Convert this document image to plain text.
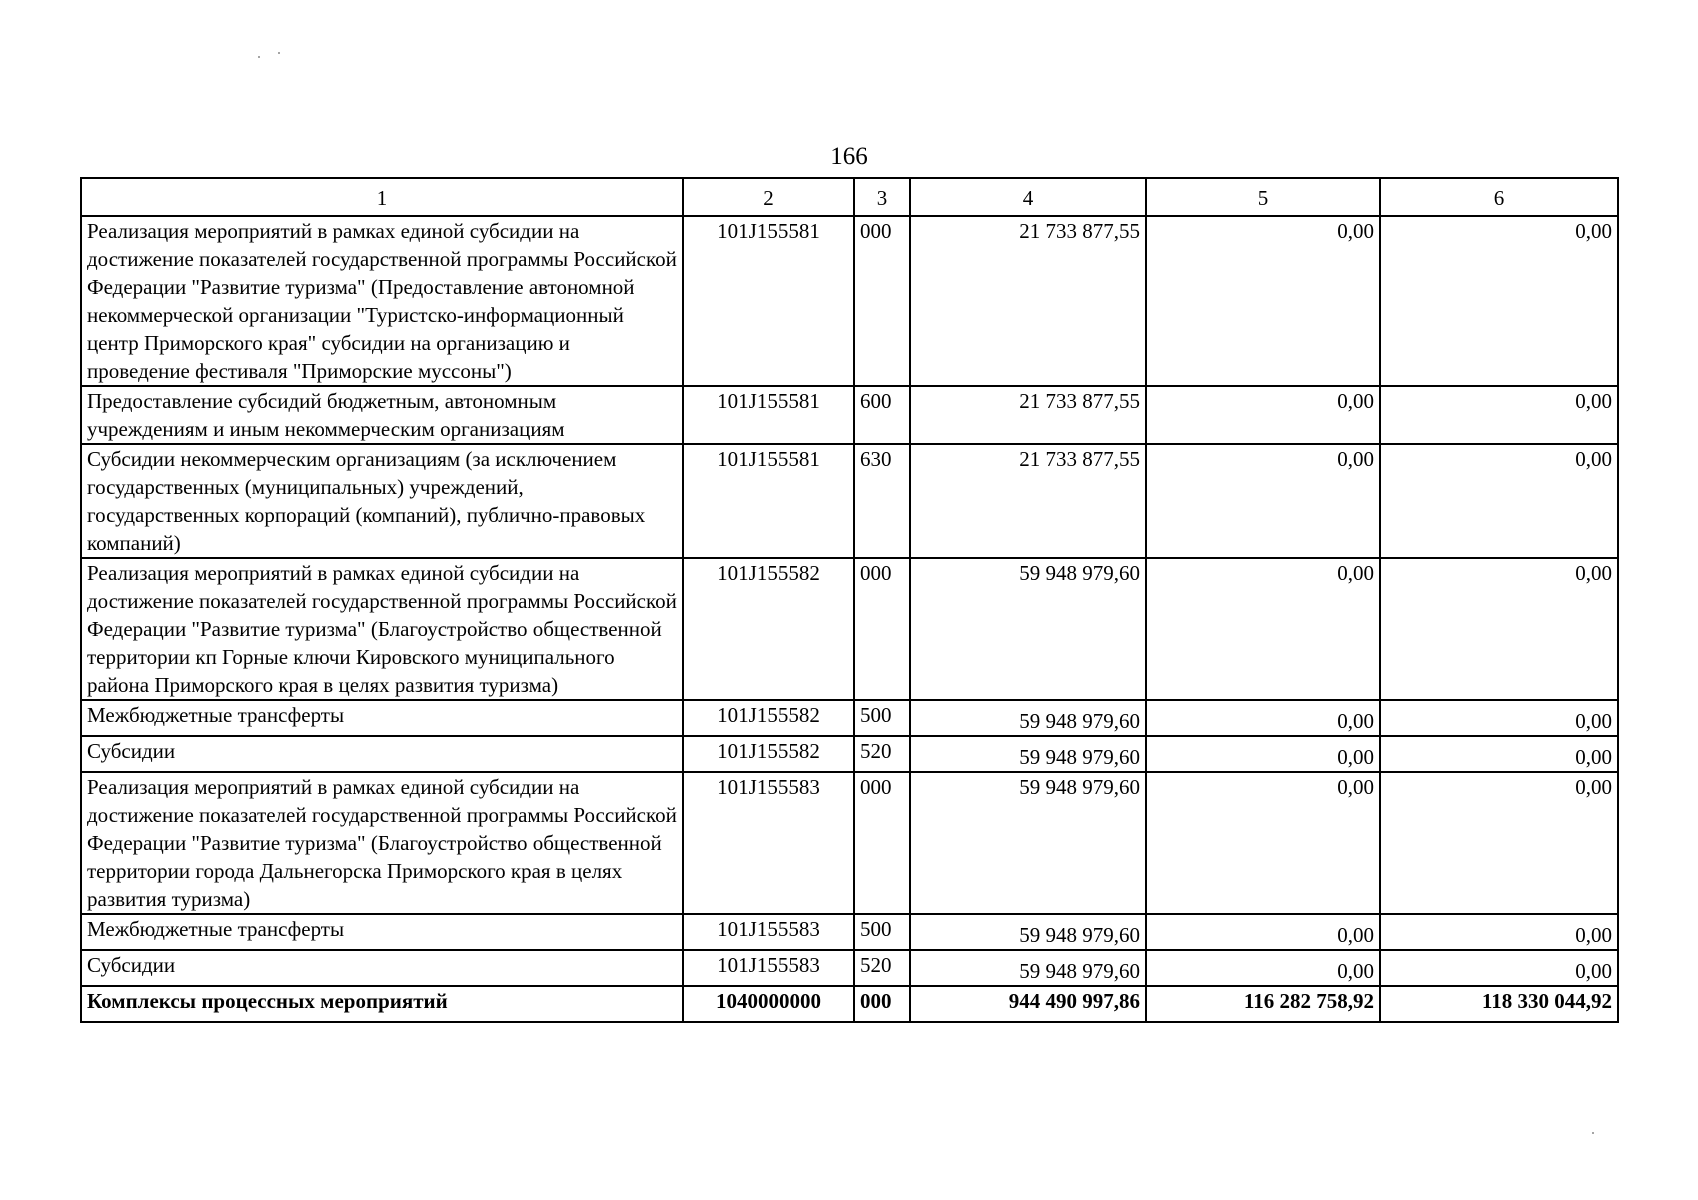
166
1	2	3	4	5	6
Реализация мероприятий в рамках единой субсидии на достижение показателей государственной программы Российской Федерации "Развитие туризма" (Предоставление автономной некоммерческой организации "Туристско-информационный центр Приморского края" субсидии на организацию и проведение фестиваля "Приморские муссоны")	101J155581	000	21 733 877,55	0,00	0,00
Предоставление субсидий бюджетным, автономным учреждениям и иным некоммерческим организациям	101J155581	600	21 733 877,55	0,00	0,00
Субсидии некоммерческим организациям (за исключением государственных (муниципальных) учреждений, государственных корпораций (компаний), публично-правовых компаний)	101J155581	630	21 733 877,55	0,00	0,00
Реализация мероприятий в рамках единой субсидии на достижение показателей государственной программы Российской Федерации "Развитие туризма" (Благоустройство общественной территории кп Горные ключи Кировского муниципального района Приморского края в целях развития туризма)	101J155582	000	59 948 979,60	0,00	0,00
Межбюджетные трансферты	101J155582	500	59 948 979,60	0,00	0,00
Субсидии	101J155582	520	59 948 979,60	0,00	0,00
Реализация мероприятий в рамках единой субсидии на достижение показателей государственной программы Российской Федерации "Развитие туризма" (Благоустройство общественной территории города Дальнегорска Приморского края в целях развития туризма)	101J155583	000	59 948 979,60	0,00	0,00
Межбюджетные трансферты	101J155583	500	59 948 979,60	0,00	0,00
Субсидии	101J155583	520	59 948 979,60	0,00	0,00
Комплексы процессных мероприятий	1040000000	000	944 490 997,86	116 282 758,92	118 330 044,92
